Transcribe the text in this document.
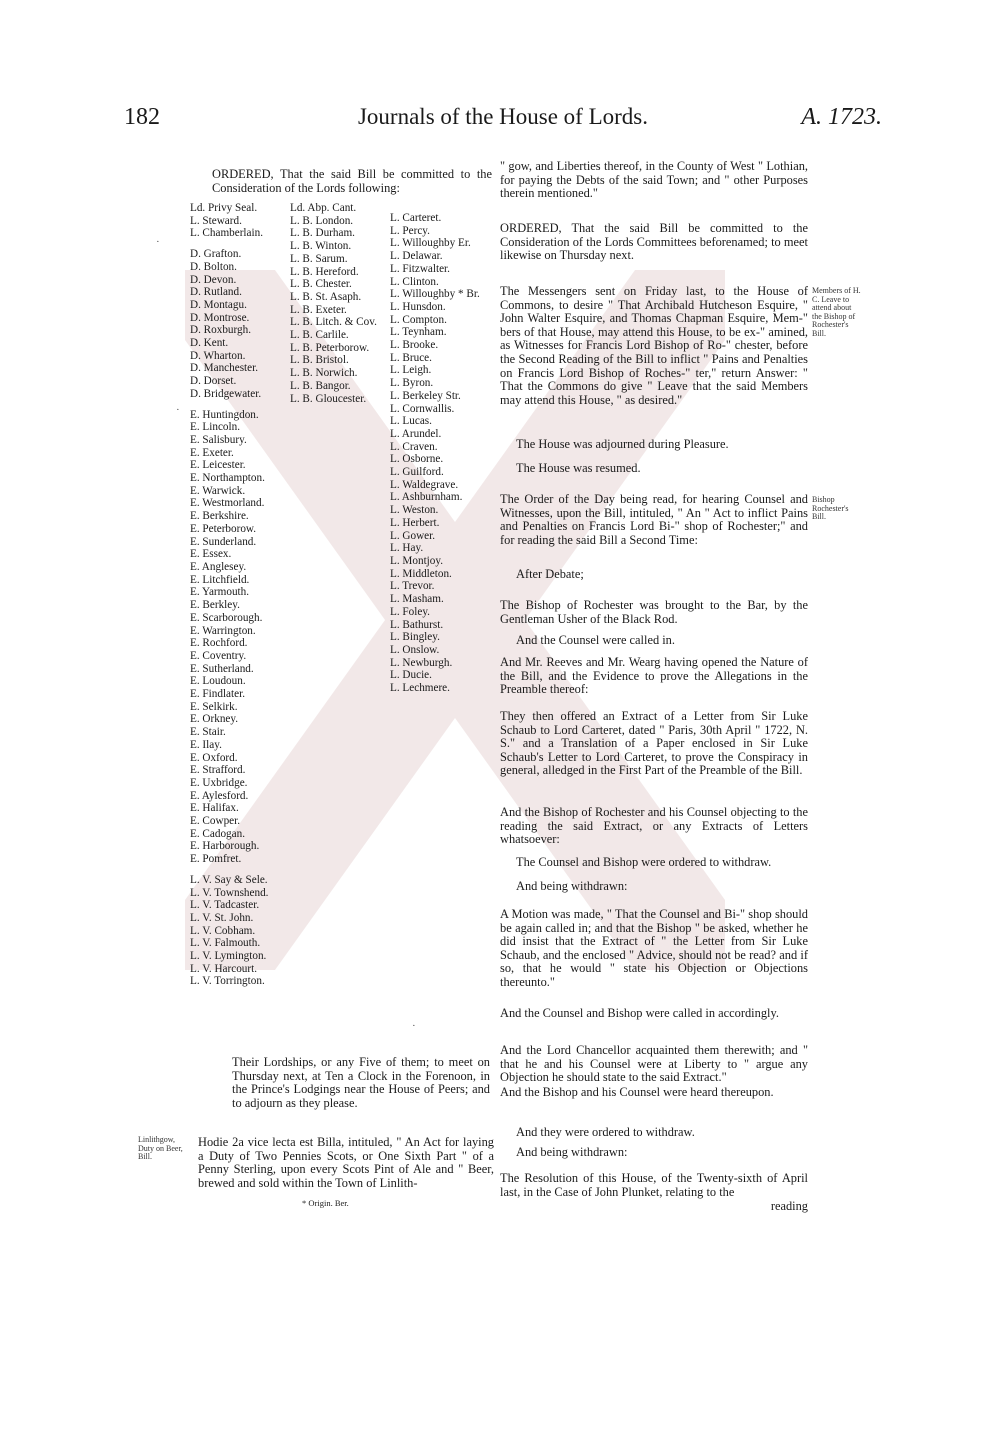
182	Journals of the House of Lords.	A. 1723.

ORDERED, That the said Bill be committed to the Consideration of the Lords following:

Ld. Privy Seal.
L. Steward.
L. Chamberlain.
D. Grafton.
D. Bolton.
D. Devon.
D. Rutland.
D. Montagu.
D. Montrose.
D. Roxburgh.
D. Kent.
D. Wharton.
D. Manchester.
D. Dorset.
D. Bridgewater.
E. Huntingdon.
E. Lincoln.
E. Salisbury.
E. Exeter.
E. Leicester.
E. Northampton.
E. Warwick.
E. Westmorland.
E. Berkshire.
E. Peterborow.
E. Sunderland.
E. Essex.
E. Anglesey.
E. Litchfield.
E. Yarmouth.
E. Berkley.
E. Scarborough.
E. Warrington.
E. Rochford.
E. Coventry.
E. Sutherland.
E. Loudoun.
E. Findlater.
E. Selkirk.
E. Orkney.
E. Stair.
E. Ilay.
E. Oxford.
E. Strafford.
E. Uxbridge.
E. Aylesford.
E. Halifax.
E. Cowper.
E. Cadogan.
E. Harborough.
E. Pomfret.
L. V. Say & Sele.
L. V. Townshend.
L. V. Tadcaster.
L. V. St. John.
L. V. Cobham.
L. V. Falmouth.
L. V. Lymington.
L. V. Harcourt.
L. V. Torrington.
Ld. Abp. Cant.
L. B. London.
L. B. Durham.
L. B. Winton.
L. B. Sarum.
L. B. Hereford.
L. B. Chester.
L. B. St. Asaph.
L. B. Exeter.
L. B. Litch. & Cov.
L. B. Carlile.
L. B. Peterborow.
L. B. Bristol.
L. B. Norwich.
L. B. Bangor.
L. B. Gloucester.
L. Carteret.
L. Percy.
L. Willoughby Er.
L. Delawar.
L. Fitzwalter.
L. Clinton.
L. Willoughby * Br.
L. Hunsdon.
L. Compton.
L. Teynham.
L. Brooke.
L. Bruce.
L. Leigh.
L. Byron.
L. Berkeley Str.
L. Cornwallis.
L. Lucas.
L. Arundel.
L. Craven.
L. Osborne.
L. Guilford.
L. Waldegrave.
L. Ashburnham.
L. Weston.
L. Herbert.
L. Gower.
L. Hay.
L. Montjoy.
L. Middleton.
L. Trevor.
L. Masham.
L. Foley.
L. Bathurst.
L. Bingley.
L. Onslow.
L. Newburgh.
L. Ducie.
L. Lechmere.

Their Lordships, or any Five of them; to meet on Thursday next, at Ten a Clock in the Forenoon, in the Prince's Lodgings near the House of Peers; and to adjourn as they please.

Linlithgow, Duty on Beer, Bill.

Hodie 2a vice lecta est Billa, intituled, " An Act for laying a Duty of Two Pennies Scots, or One Sixth Part " of a Penny Sterling, upon every Scots Pint of Ale and " Beer, brewed and sold within the Town of Linlith-

* Origin. Ber.

" gow, and Liberties thereof, in the County of West " Lothian, for paying the Debts of the said Town; and " other Purposes therein mentioned."

ORDERED, That the said Bill be committed to the Consideration of the Lords Committees beforenamed; to meet likewise on Thursday next.

The Messengers sent on Friday last, to the House of Commons, to desire " That Archibald Hutcheson Esquire, " John Walter Esquire, and Thomas Chapman Esquire, Mem-" bers of that House, may attend this House, to be ex-" amined, as Witnesses for Francis Lord Bishop of Ro-" chester, before the Second Reading of the Bill to inflict " Pains and Penalties on Francis Lord Bishop of Roches-" ter," return Answer: " That the Commons do give " Leave that the said Members may attend this House, " as desired."

Members of H. C. Leave to attend about the Bishop of Rochester's Bill.

The House was adjourned during Pleasure.

The House was resumed.

The Order of the Day being read, for hearing Counsel and Witnesses, upon the Bill, intituled, " An " Act to inflict Pains and Penalties on Francis Lord Bi-" shop of Rochester;" and for reading the said Bill a Second Time:

Bishop Rochester's Bill.

After Debate;

The Bishop of Rochester was brought to the Bar, by the Gentleman Usher of the Black Rod.

And the Counsel were called in.

And Mr. Reeves and Mr. Wearg having opened the Nature of the Bill, and the Evidence to prove the Allegations in the Preamble thereof:

They then offered an Extract of a Letter from Sir Luke Schaub to Lord Carteret, dated " Paris, 30th April " 1722, N. S." and a Translation of a Paper enclosed in Sir Luke Schaub's Letter to Lord Carteret, to prove the Conspiracy in general, alledged in the First Part of the Preamble of the Bill.

And the Bishop of Rochester and his Counsel objecting to the reading the said Extract, or any Extracts of Letters whatsoever:

The Counsel and Bishop were ordered to withdraw.

And being withdrawn:

A Motion was made, " That the Counsel and Bi-" shop should be again called in; and that the Bishop " be asked, whether he did insist that the Extract of " the Letter from Sir Luke Schaub, and the enclosed " Advice, should not be read? and if so, that he would " state his Objection or Objections thereunto."

And the Counsel and Bishop were called in accordingly.

And the Lord Chancellor acquainted them therewith; and " that he and his Counsel were at Liberty to " argue any Objection he should state to the said Extract."

And the Bishop and his Counsel were heard thereupon.

And they were ordered to withdraw.

And being withdrawn:

The Resolution of this House, of the Twenty-sixth of April last, in the Case of John Plunket, relating to the

reading
·
·
·
